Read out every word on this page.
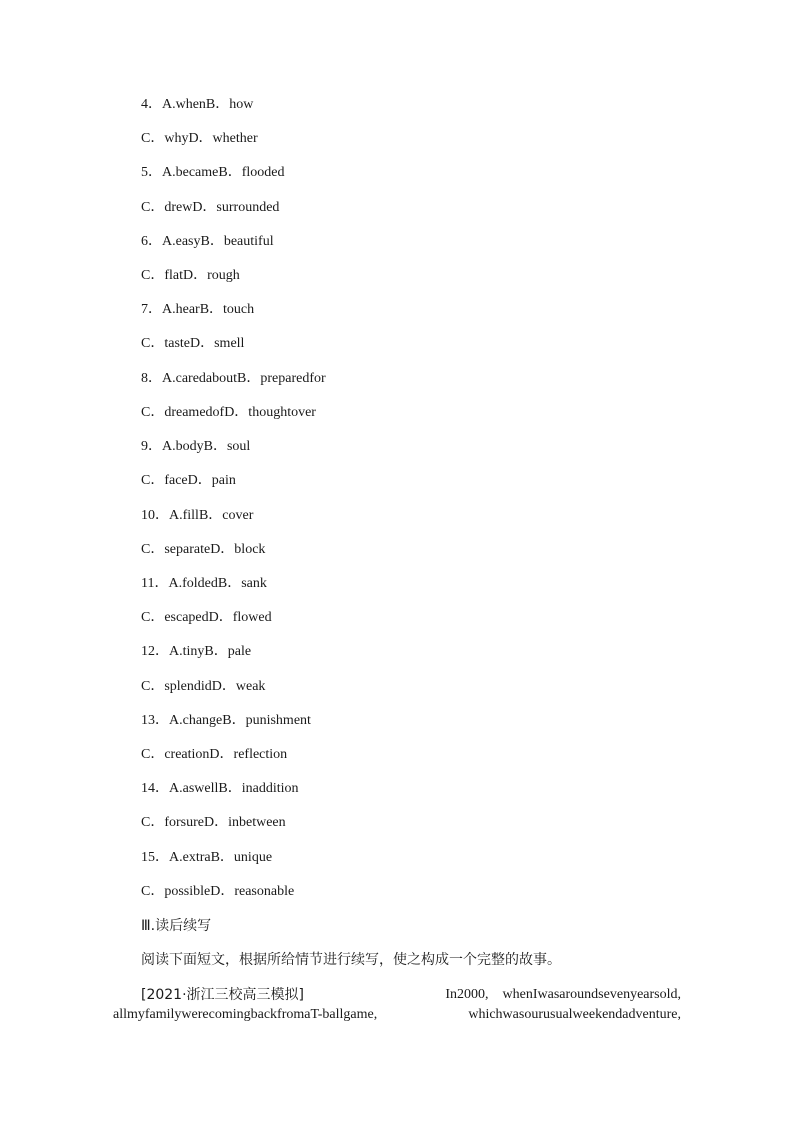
4．A.whenB．how
C．whyD．whether
5．A.becameB．flooded
C．drewD．surrounded
6．A.easyB．beautiful
C．flatD．rough
7．A.hearB．touch
C．tasteD．smell
8．A.caredaboutB．preparedfor
C．dreamedofD．thoughtover
9．A.bodyB．soul
C．faceD．pain
10．A.fillB．cover
C．separateD．block
11．A.foldedB．sank
C．escapedD．flowed
12．A.tinyB．pale
C．splendidD．weak
13．A.changeB．punishment
C．creationD．reflection
14．A.aswellB．inaddition
C．forsureD．inbetween
15．A.extraB．unique
C．possibleD．reasonable
Ⅲ.读后续写
阅读下面短文，根据所给情节进行续写，使之构成一个完整的故事。
[2021·浙江三校高三模拟]	In2000,　whenIwasaroundsevenyearsold,
allmyfamilywerecomingbackfromaT-ballgame,	whichwasourusualweekendadventure,
